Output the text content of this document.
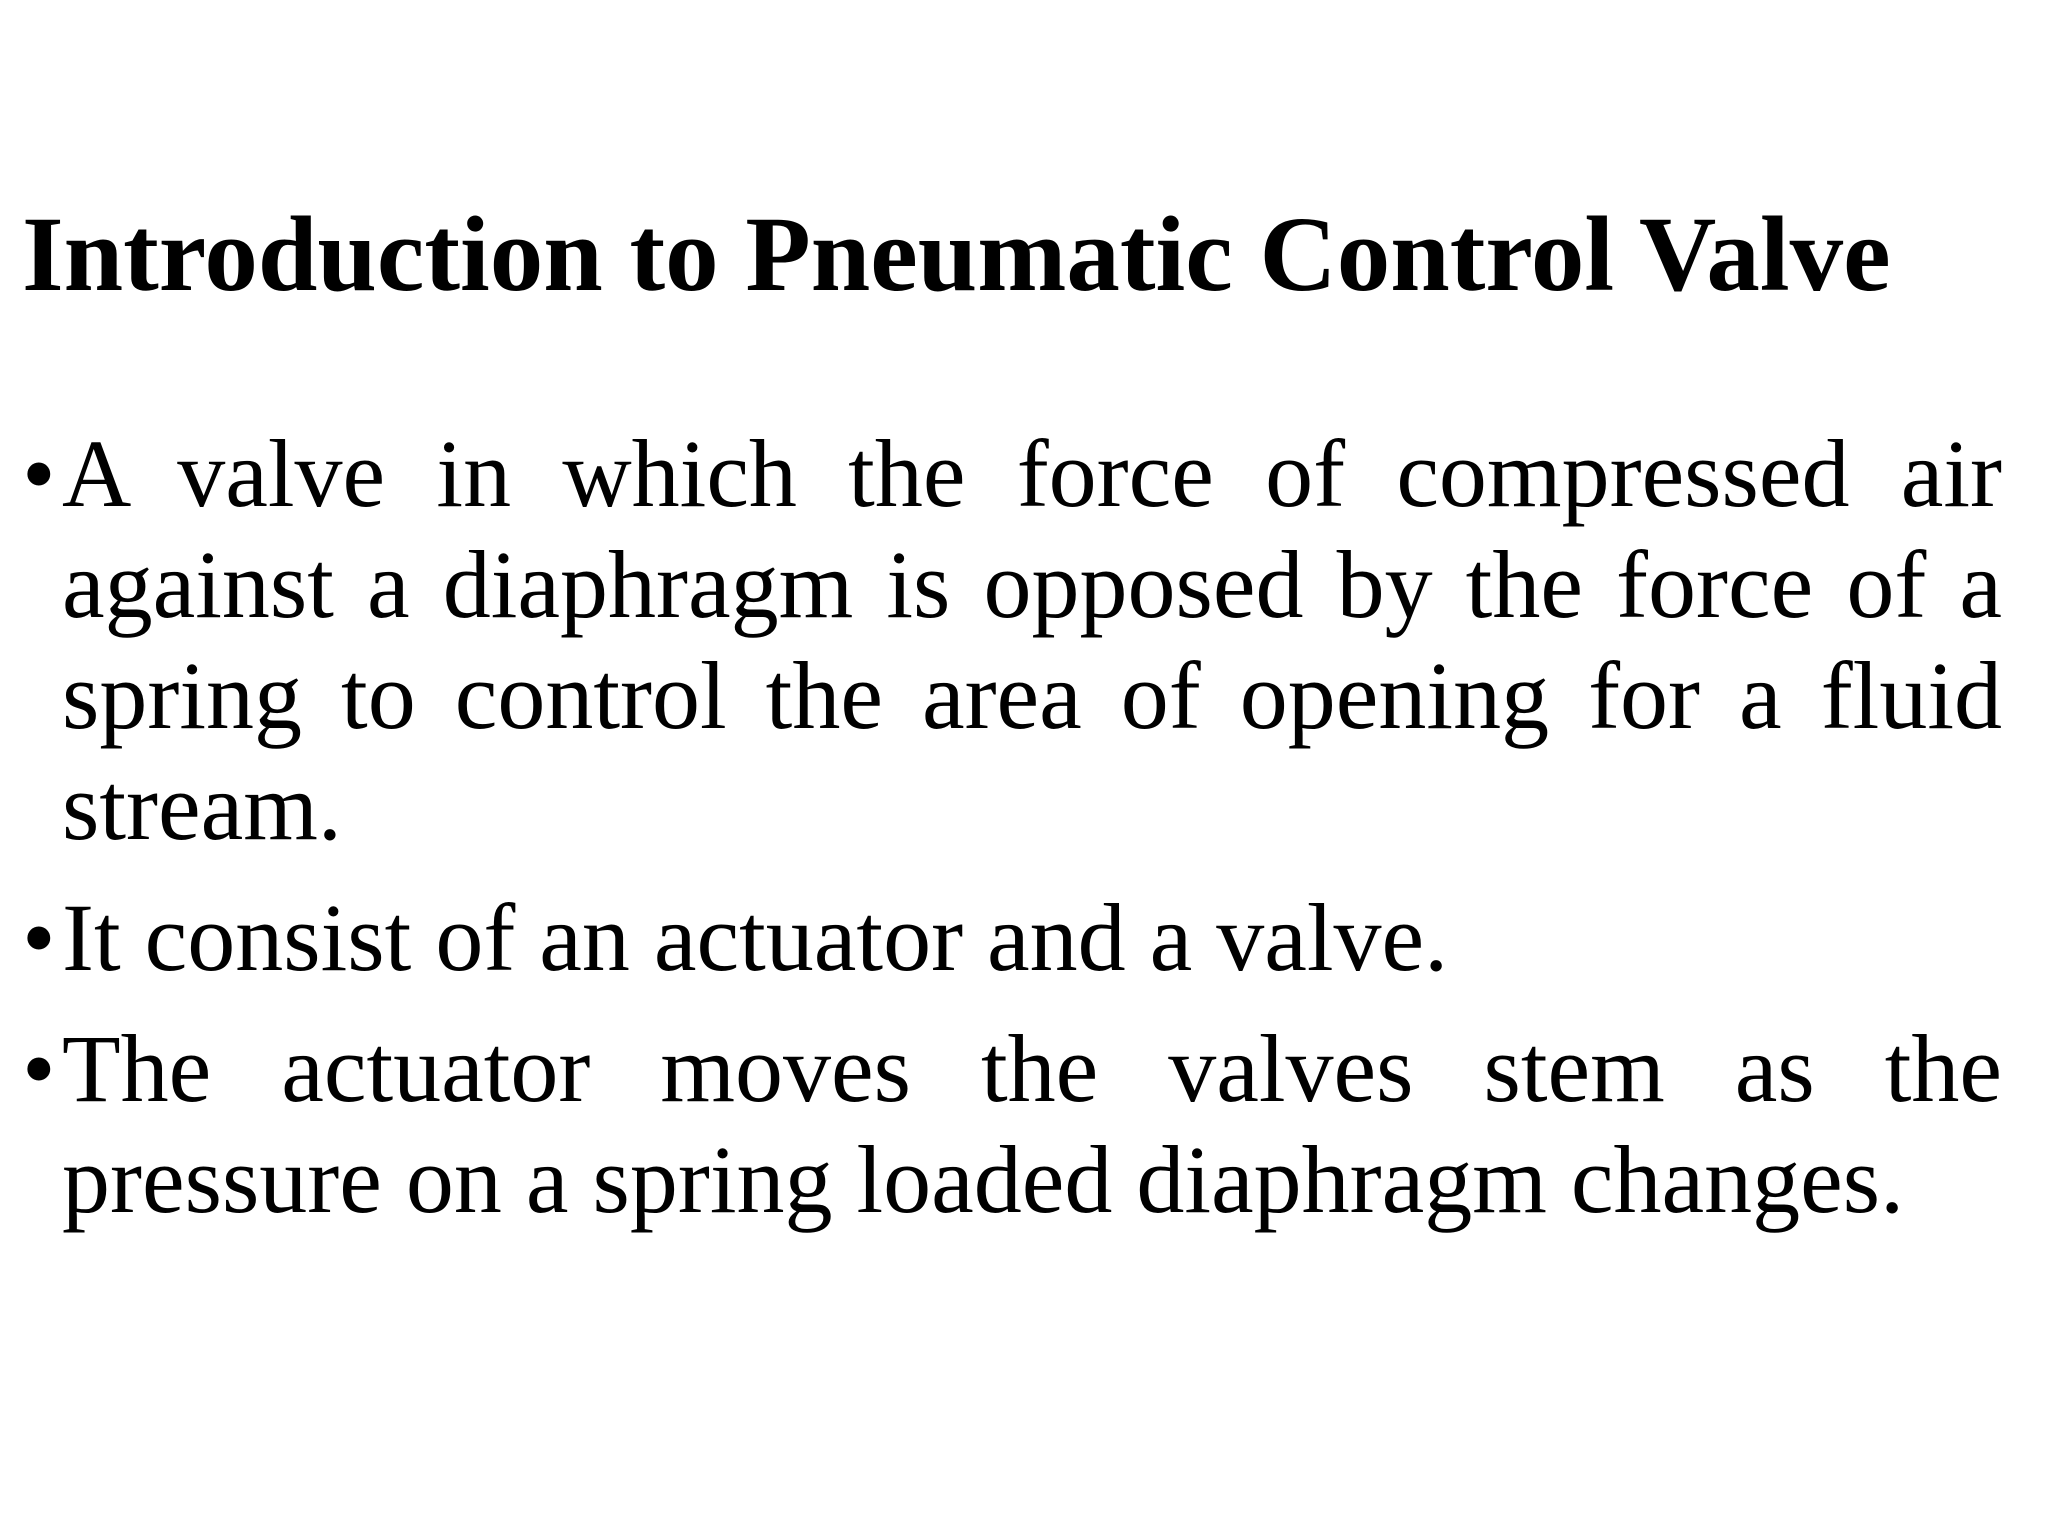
Introduction to Pneumatic Control Valve
• A valve in which the force of compressed air against a diaphragm is opposed by the force of a spring to control the area of opening for a fluid stream.
• It consist of an actuator and a valve.
• The actuator moves the valves stem as the pressure on a spring loaded diaphragm changes.
